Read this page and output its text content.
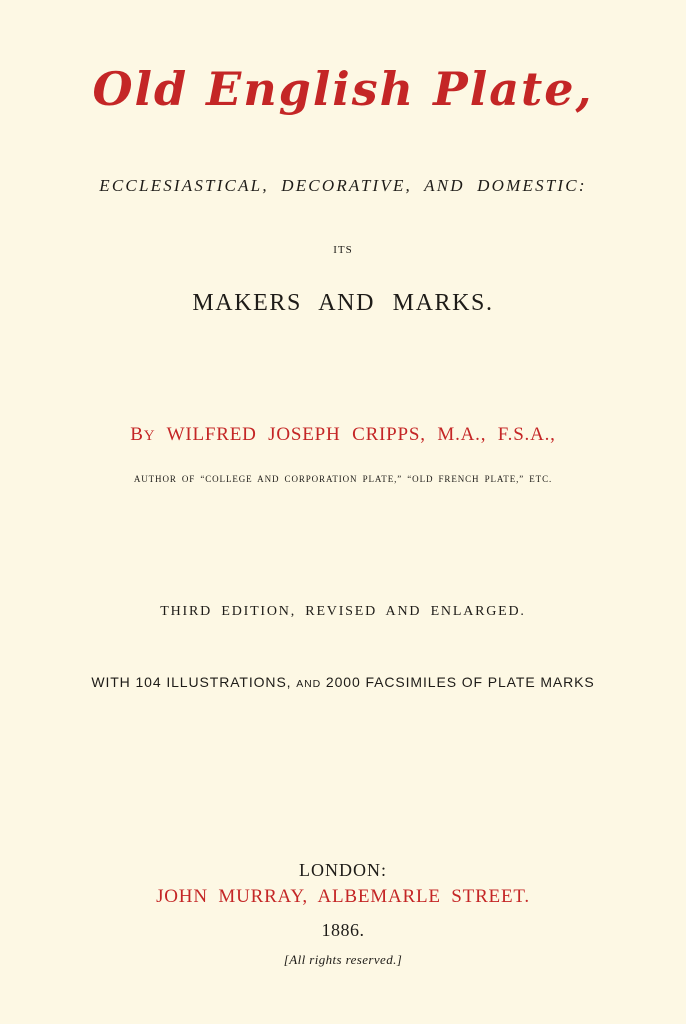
Old English Plate,
ECCLESIASTICAL, DECORATIVE, AND DOMESTIC:
ITS
MAKERS AND MARKS.
BY WILFRED JOSEPH CRIPPS, M.A., F.S.A.,
AUTHOR OF “COLLEGE AND CORPORATION PLATE,” “OLD FRENCH PLATE,” ETC.
THIRD EDITION, REVISED AND ENLARGED.
WITH 104 ILLUSTRATIONS, AND 2000 FACSIMILES OF PLATE MARKS
LONDON:
JOHN MURRAY, ALBEMARLE STREET.
1886.
[All rights reserved.]
